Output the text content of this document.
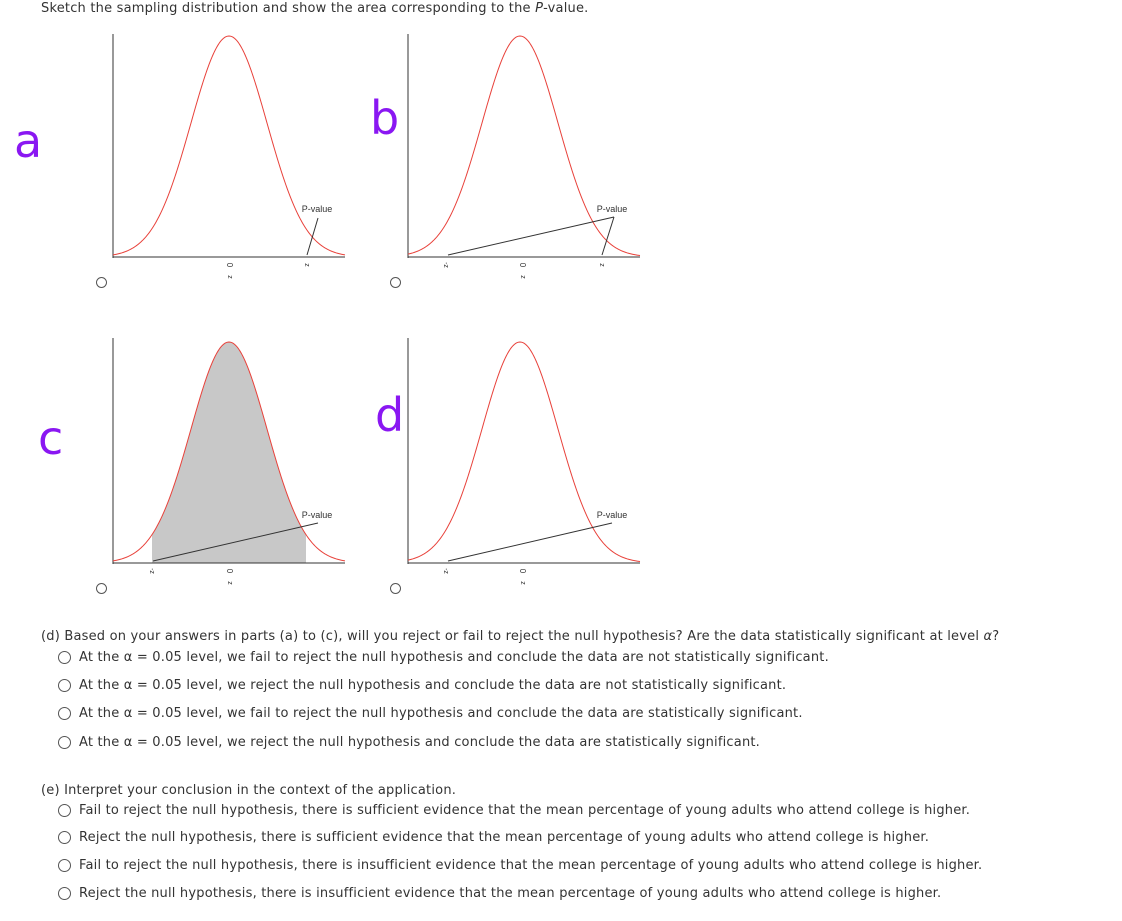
Sketch the sampling distribution and show the area corresponding to the P-value.
a	b
c	d
P-value
z
0
z
P-value
-z	z
0
z
P-value
-z	0
z
P-value
-z	0
z
(d) Based on your answers in parts (a) to (c), will you reject or fail to reject the null hypothesis? Are the data statistically significant at level α?
At the α = 0.05 level, we fail to reject the null hypothesis and conclude the data are not statistically significant.
At the α = 0.05 level, we reject the null hypothesis and conclude the data are not statistically significant.
At the α = 0.05 level, we fail to reject the null hypothesis and conclude the data are statistically significant.
At the α = 0.05 level, we reject the null hypothesis and conclude the data are statistically significant.
(e) Interpret your conclusion in the context of the application.
Fail to reject the null hypothesis, there is sufficient evidence that the mean percentage of young adults who attend college is higher.
Reject the null hypothesis, there is sufficient evidence that the mean percentage of young adults who attend college is higher.
Fail to reject the null hypothesis, there is insufficient evidence that the mean percentage of young adults who attend college is higher.
Reject the null hypothesis, there is insufficient evidence that the mean percentage of young adults who attend college is higher.
